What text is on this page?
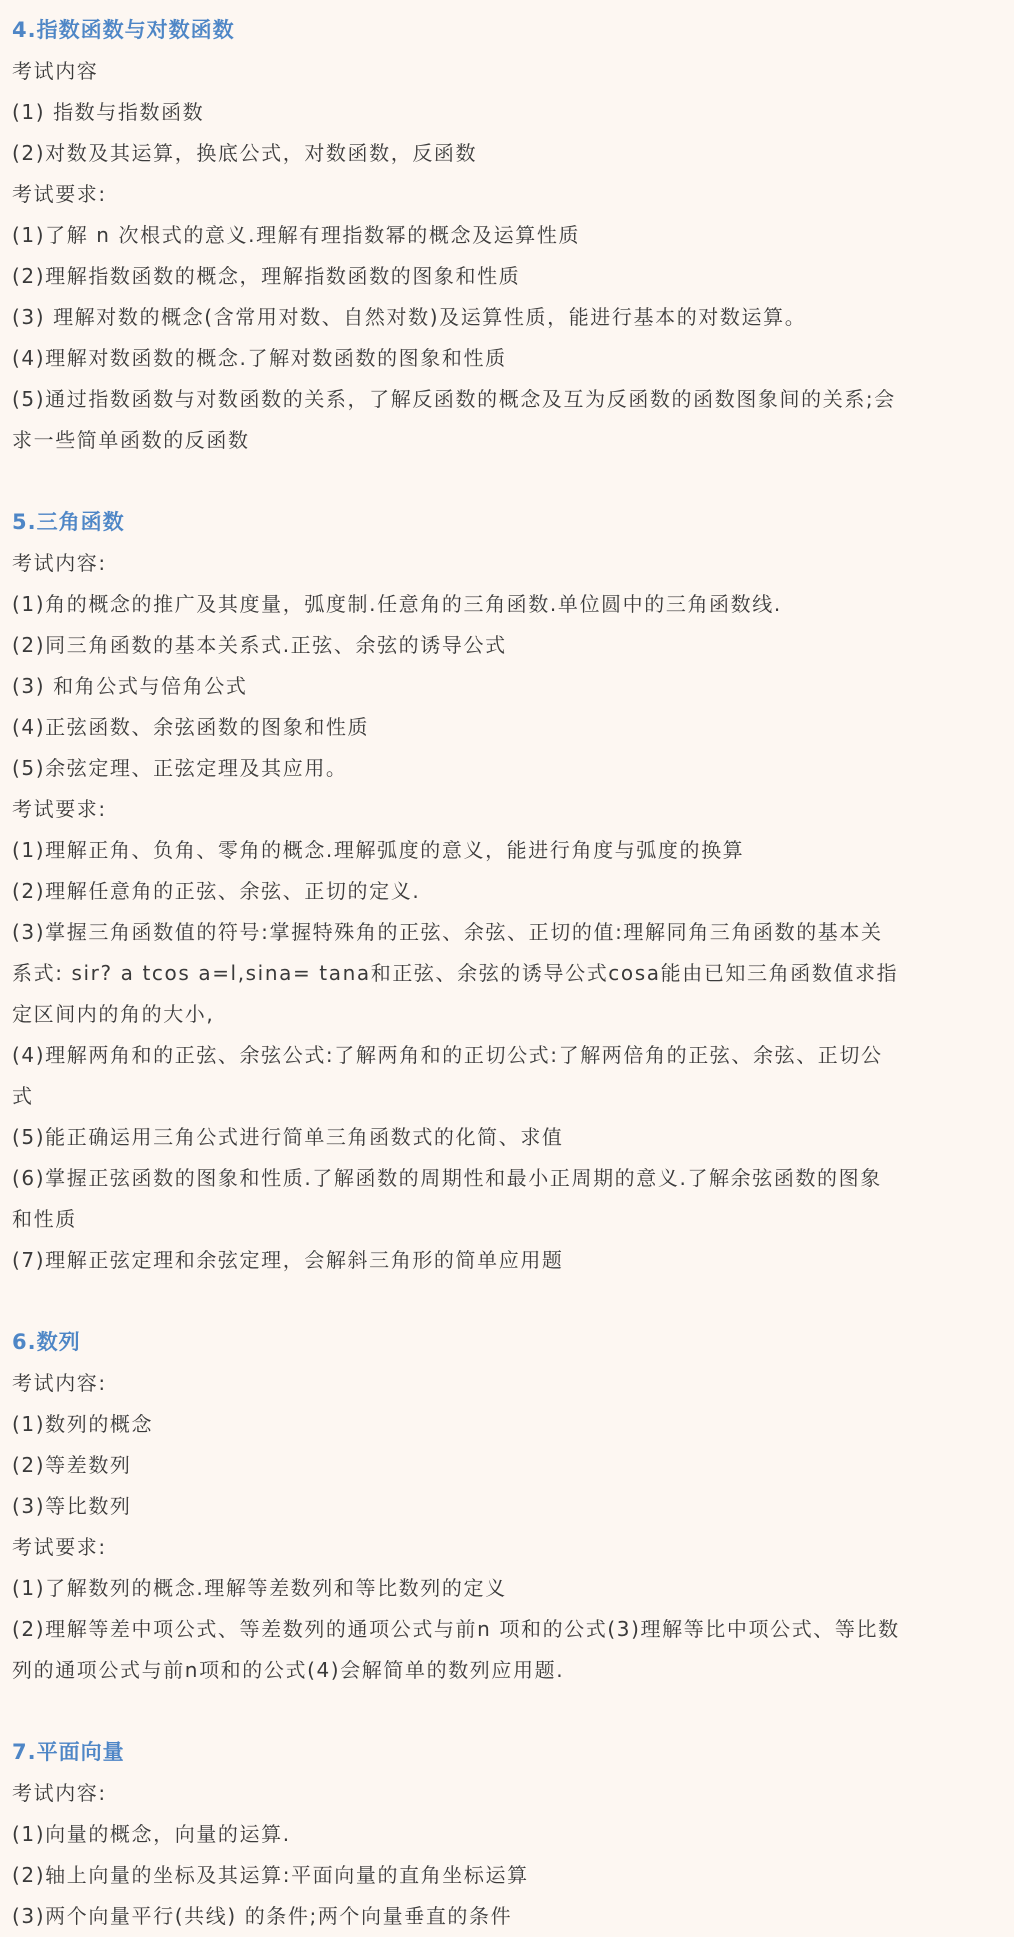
4.指数函数与对数函数
考试内容
(1) 指数与指数函数
(2)对数及其运算，换底公式，对数函数，反函数
考试要求:
(1)了解 n 次根式的意义.理解有理指数幂的概念及运算性质
(2)理解指数函数的概念，理解指数函数的图象和性质
(3) 理解对数的概念(含常用对数、自然对数)及运算性质，能进行基本的对数运算。
(4)理解对数函数的概念.了解对数函数的图象和性质
(5)通过指数函数与对数函数的关系，了解反函数的概念及互为反函数的函数图象间的关系;会
求一些简单函数的反函数
5.三角函数
考试内容:
(1)角的概念的推广及其度量，弧度制.任意角的三角函数.单位圆中的三角函数线.
(2)同三角函数的基本关系式.正弦、余弦的诱导公式
(3) 和角公式与倍角公式
(4)正弦函数、余弦函数的图象和性质
(5)余弦定理、正弦定理及其应用。
考试要求:
(1)理解正角、负角、零角的概念.理解弧度的意义，能进行角度与弧度的换算
(2)理解任意角的正弦、余弦、正切的定义.
(3)掌握三角函数值的符号:掌握特殊角的正弦、余弦、正切的值:理解同角三角函数的基本关
系式: sir? a tcos a=l,sina= tana和正弦、余弦的诱导公式cosa能由已知三角函数值求指
定区间内的角的大小,
(4)理解两角和的正弦、余弦公式:了解两角和的正切公式:了解两倍角的正弦、余弦、正切公
式
(5)能正确运用三角公式进行简单三角函数式的化简、求值
(6)掌握正弦函数的图象和性质.了解函数的周期性和最小正周期的意义.了解余弦函数的图象
和性质
(7)理解正弦定理和余弦定理，会解斜三角形的简单应用题
6.数列
考试内容:
(1)数列的概念
(2)等差数列
(3)等比数列
考试要求:
(1)了解数列的概念.理解等差数列和等比数列的定义
(2)理解等差中项公式、等差数列的通项公式与前n 项和的公式(3)理解等比中项公式、等比数
列的通项公式与前n项和的公式(4)会解简单的数列应用题.
7.平面向量
考试内容:
(1)向量的概念，向量的运算.
(2)轴上向量的坐标及其运算:平面向量的直角坐标运算
(3)两个向量平行(共线) 的条件;两个向量垂直的条件
